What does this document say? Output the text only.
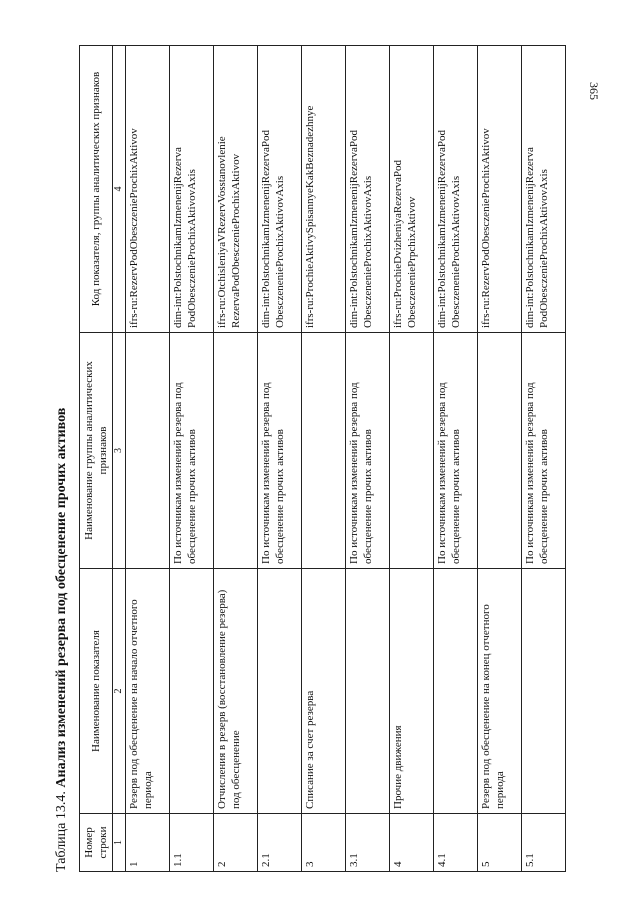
365
Таблица 13.4. Анализ изменений резерва под обесценение прочих активов
Номер строки	Наименование показателя	Наименование группы аналитических признаков	Код показателя, группы аналитических признаков
1	2	3	4
1	Резерв под обесценение на начало отчетного периода		ifrs-ru:RezervPodObesczenieProchixAktivov
1.1		По источникам изменений резерва под обесценение прочих активов	dim-int:PolstochnikamIzmenenijRezerva PodObesczenieProchixAktivovAxis
2	Отчисления в резерв (восстановление резерва) под обесценение		ifrs-ru:OtchisleniyaVRezervVosstanovlenie RezervaPodObesczenieProchixAktivov
2.1		По источникам изменений резерва под обесценение прочих активов	dim-int:PolstochnikamIzmenenijRezervaPod ObesczenenieProchixAktivovAxis
3	Списание за счет резерва		ifrs-ru:ProchieAktivySpisannyeKakBeznadezhnye
3.1		По источникам изменений резерва под обесценение прочих активов	dim-int:PolstochnikamIzmenenijRezervaPod ObesczenenieProchixAktivovAxis
4	Прочие движения		ifrs-ru:ProchieDvizheniyaRezervaPod ObesczeneniePrpchixAktivov
4.1		По источникам изменений резерва под обесценение прочих активов	dim-int:PolstochnikamIzmenenijRezervaPod ObesczenenieProchixAktivovAxis
5	Резерв под обесценение на конец отчетного периода		ifrs-ru:RezervPodObesczenieProchixAktivov
5.1		По источникам изменений резерва под обесценение прочих активов	dim-int:PolstochnikamIzmenenijRezerva PodObesczenieProchixAktivovAxis
